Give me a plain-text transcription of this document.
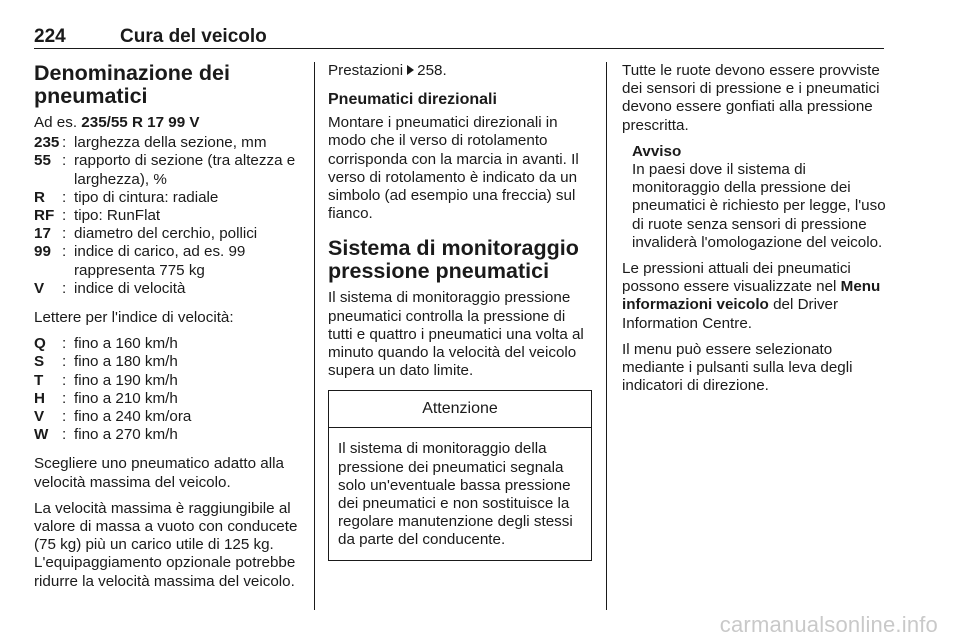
224	Cura del veicolo
Denominazione dei pneumatici

Ad es. 235/55 R 17 99 V

235 : larghezza della sezione, mm
55 : rapporto di sezione (tra altezza e larghezza), %
R	: tipo di cintura: radiale
RF : tipo: RunFlat
17 : diametro del cerchio, pollici
99 : indice di carico, ad es. 99 rappresenta 775 kg
V	: indice di velocità

Lettere per l'indice di velocità:

Q	: fino a 160 km/h
S	: fino a 180 km/h
T	: fino a 190 km/h
H	: fino a 210 km/h
V	: fino a 240 km/ora
W : fino a 270 km/h

Scegliere uno pneumatico adatto alla velocità massima del veicolo.

La velocità massima è raggiungibile al valore di massa a vuoto con conducete (75 kg) più un carico utile di 125 kg. L'equipaggiamento opzionale potrebbe ridurre la velocità massima del veicolo.

Prestazioni 258.

Pneumatici direzionali

Montare i pneumatici direzionali in modo che il verso di rotolamento corrisponda con la marcia in avanti. Il verso di rotolamento è indicato da un simbolo (ad esempio una freccia) sul fianco.

Sistema di monitoraggio pressione pneumatici

Il sistema di monitoraggio pressione pneumatici controlla la pressione di tutti e quattro i pneumatici una volta al minuto quando la velocità del veicolo supera un dato limite.

Attenzione
Il sistema di monitoraggio della pressione dei pneumatici segnala solo un'eventuale bassa pressione dei pneumatici e non sostituisce la regolare manutenzione degli stessi da parte del conducente.

Tutte le ruote devono essere provviste dei sensori di pressione e i pneumatici devono essere gonfiati alla pressione prescritta.

Avviso
In paesi dove il sistema di monitoraggio della pressione dei pneumatici è richiesto per legge, l'uso di ruote senza sensori di pressione invaliderà l'omologazione del veicolo.

Le pressioni attuali dei pneumatici possono essere visualizzate nel Menu informazioni veicolo del Driver Information Centre.

Il menu può essere selezionato mediante i pulsanti sulla leva degli indicatori di direzione.

carmanualsonline.info
